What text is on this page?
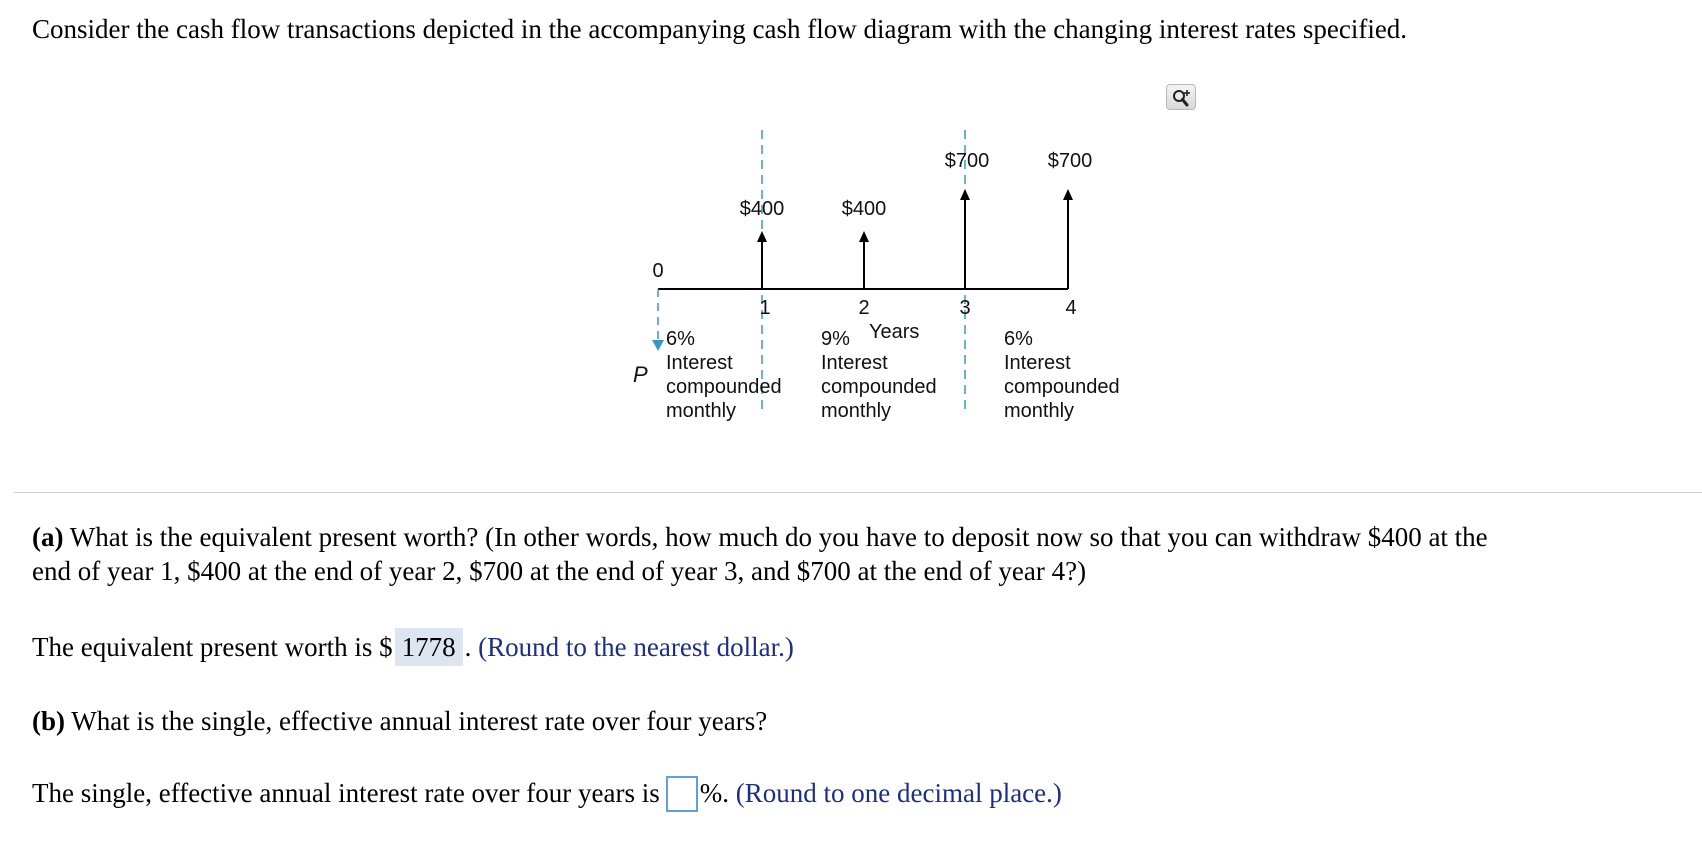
Consider the cash flow transactions depicted in the accompanying cash flow diagram with the changing interest rates specified.
$400	$400
$700	$700
0
1	2	3	4
Years
P
6% Interest compounded monthly
9% Interest compounded monthly
6% Interest compounded monthly
(a) What is the equivalent present worth? (In other words, how much do you have to deposit now so that you can withdraw $400 at the
end of year 1, $400 at the end of year 2, $700 at the end of year 3, and $700 at the end of year 4?)
The equivalent present worth is $ 1778 . (Round to the nearest dollar.)
(b) What is the single, effective annual interest rate over four years?
The single, effective annual interest rate over four years is %. (Round to one decimal place.)
